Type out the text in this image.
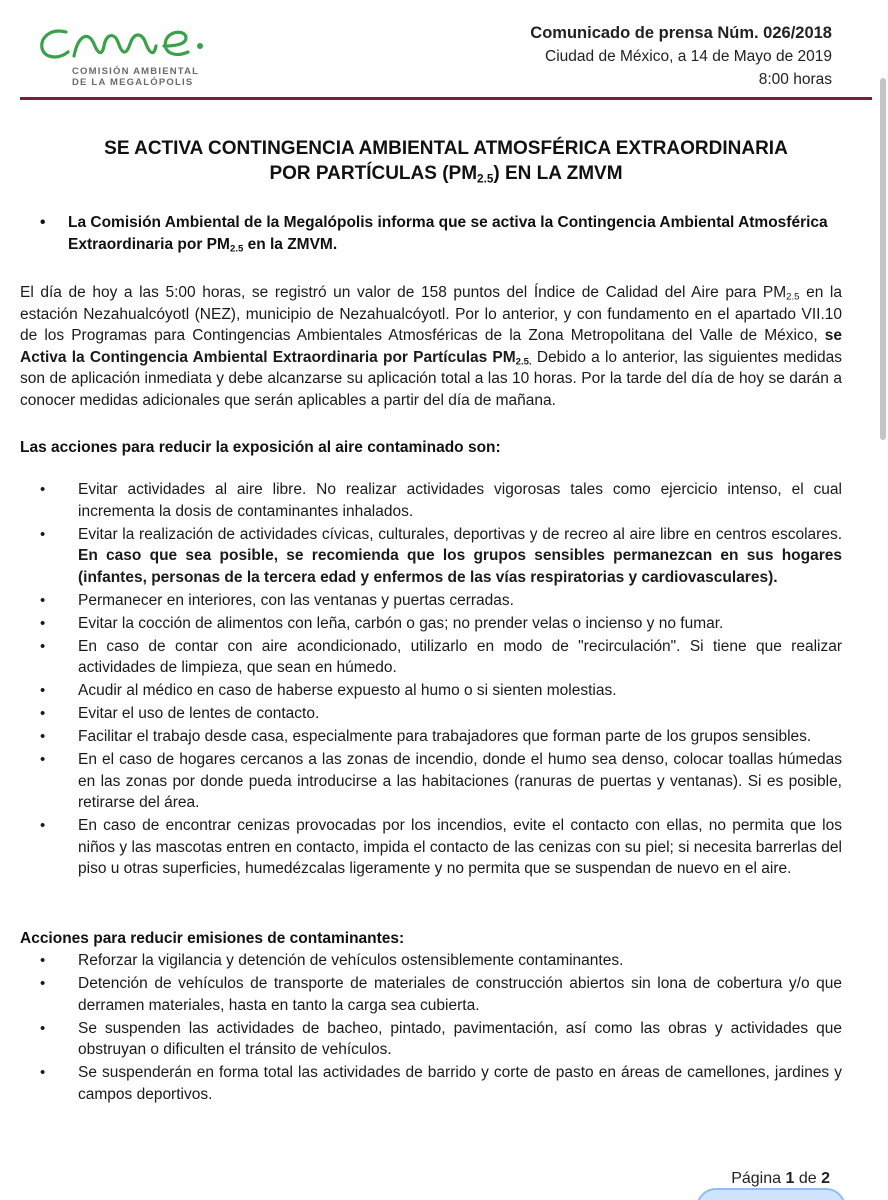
COMISIÓN AMBIENTAL
DE LA MEGALÓPOLIS
Comunicado de prensa Núm. 026/2018
Ciudad de México, a 14 de Mayo de 2019
8:00 horas
SE ACTIVA CONTINGENCIA AMBIENTAL ATMOSFÉRICA EXTRAORDINARIA
POR PARTÍCULAS $(PM_{2.5})$ EN LA ZMVM
• La Comisión Ambiental de la Megalópolis informa que se activa la Contingencia Ambiental Atmosférica Extraordinaria por $PM_{2.5}$ en la ZMVM.
El día de hoy a las 5:00 horas, se registró un valor de 158 puntos del Índice de Calidad del Aire para $PM_{2.5}$ en la estación Nezahualcóyotl (NEZ), municipio de Nezahualcóyotl. Por lo anterior, y con fundamento en el apartado VII.10 de los Programas para Contingencias Ambientales Atmosféricas de la Zona Metropolitana del Valle de México, se Activa la Contingencia Ambiental Extraordinaria por Partículas $PM_{2.5.}$ Debido a lo anterior, las siguientes medidas son de aplicación inmediata y debe alcanzarse su aplicación total a las 10 horas. Por la tarde del día de hoy se darán a conocer medidas adicionales que serán aplicables a partir del día de mañana.
Las acciones para reducir la exposición al aire contaminado son:
• Evitar actividades al aire libre. No realizar actividades vigorosas tales como ejercicio intenso, el cual incrementa la dosis de contaminantes inhalados.
• Evitar la realización de actividades cívicas, culturales, deportivas y de recreo al aire libre en centros escolares. En caso que sea posible, se recomienda que los grupos sensibles permanezcan en sus hogares (infantes, personas de la tercera edad y enfermos de las vías respiratorias y cardiovasculares).
• Permanecer en interiores, con las ventanas y puertas cerradas.
• Evitar la cocción de alimentos con leña, carbón o gas; no prender velas o incienso y no fumar.
• En caso de contar con aire acondicionado, utilizarlo en modo de "recirculación". Si tiene que realizar actividades de limpieza, que sean en húmedo.
• Acudir al médico en caso de haberse expuesto al humo o si sienten molestias.
• Evitar el uso de lentes de contacto.
• Facilitar el trabajo desde casa, especialmente para trabajadores que forman parte de los grupos sensibles.
• En el caso de hogares cercanos a las zonas de incendio, donde el humo sea denso, colocar toallas húmedas en las zonas por donde pueda introducirse a las habitaciones (ranuras de puertas y ventanas). Si es posible, retirarse del área.
• En caso de encontrar cenizas provocadas por los incendios, evite el contacto con ellas, no permita que los niños y las mascotas entren en contacto, impida el contacto de las cenizas con su piel; si necesita barrerlas del piso u otras superficies, humedézcalas ligeramente y no permita que se suspendan de nuevo en el aire.
Acciones para reducir emisiones de contaminantes:
• Reforzar la vigilancia y detención de vehículos ostensiblemente contaminantes.
• Detención de vehículos de transporte de materiales de construcción abiertos sin lona de cobertura y/o que derramen materiales, hasta en tanto la carga sea cubierta.
• Se suspenden las actividades de bacheo, pintado, pavimentación, así como las obras y actividades que obstruyan o dificulten el tránsito de vehículos.
• Se suspenderán en forma total las actividades de barrido y corte de pasto en áreas de camellones, jardines y campos deportivos.
Página 1 de 2
